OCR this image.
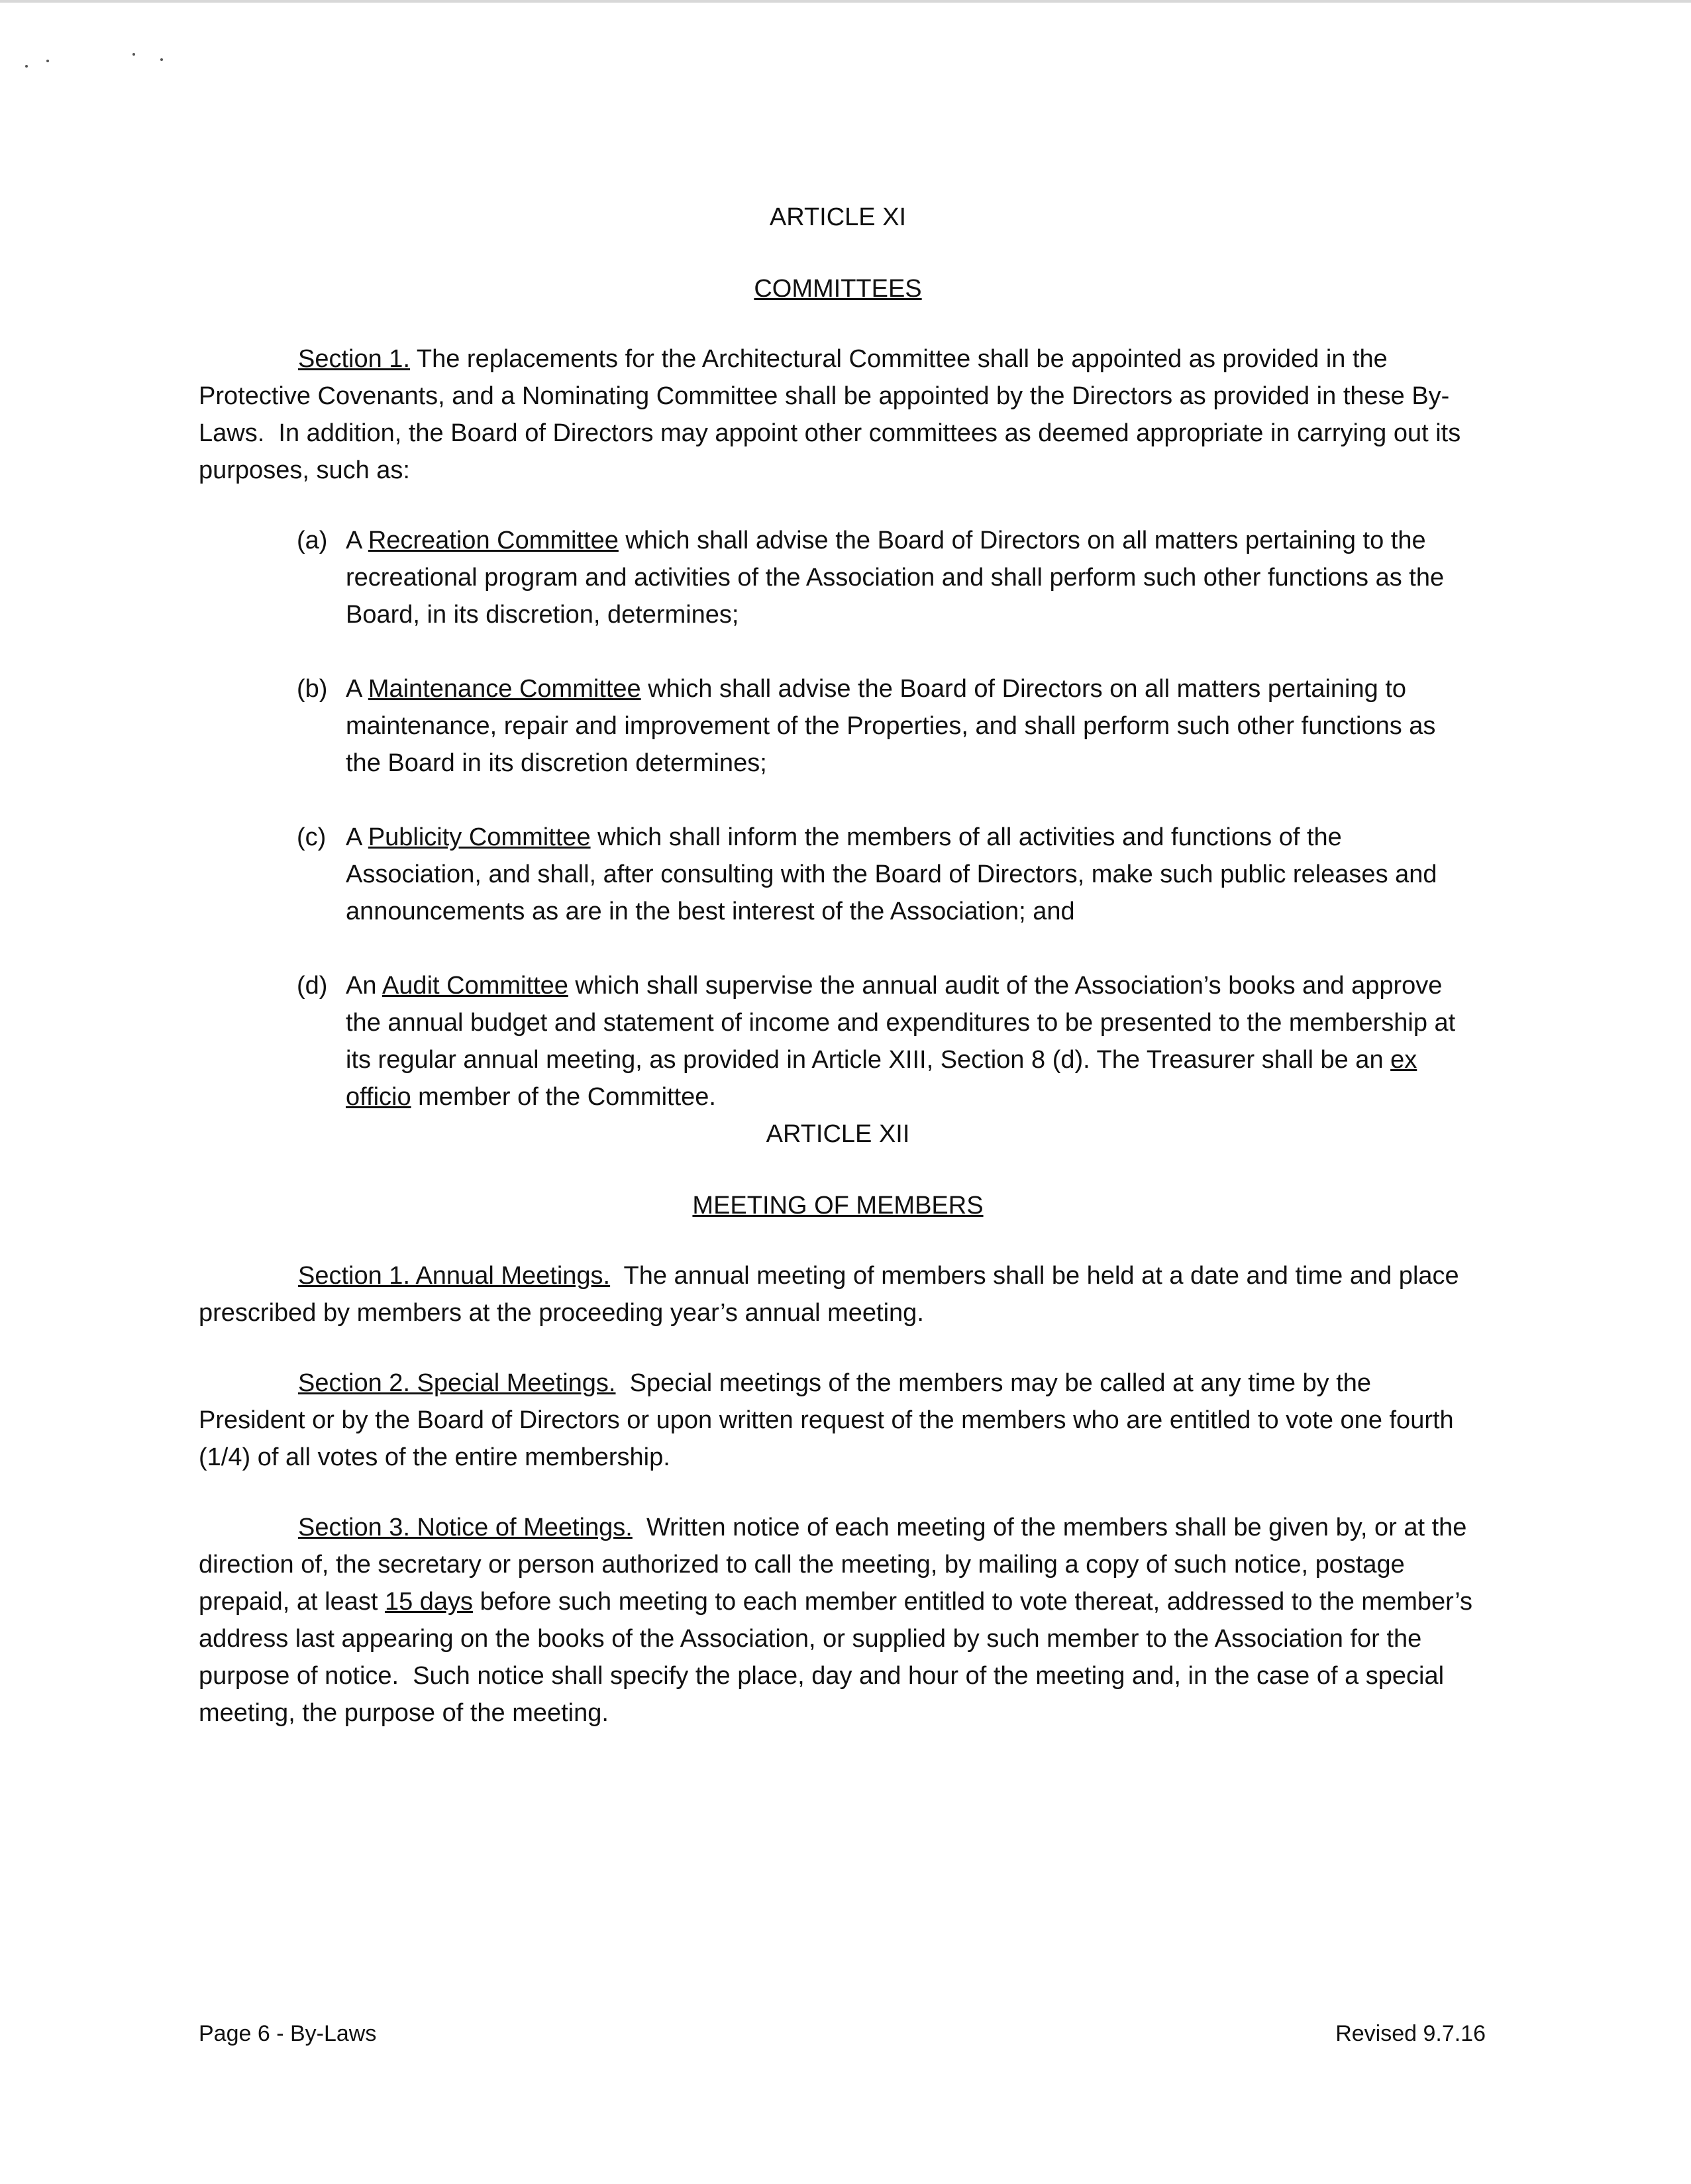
ARTICLE XI
COMMITTEES

Section 1. The replacements for the Architectural Committee shall be appointed as provided in the Protective Covenants, and a Nominating Committee shall be appointed by the Directors as provided in these By-Laws.  In addition, the Board of Directors may appoint other committees as deemed appropriate in carrying out its purposes, such as:

(a) A Recreation Committee which shall advise the Board of Directors on all matters pertaining to the recreational program and activities of the Association and shall perform such other functions as the Board, in its discretion, determines;
(b) A Maintenance Committee which shall advise the Board of Directors on all matters pertaining to maintenance, repair and improvement of the Properties, and shall perform such other functions as the Board in its discretion determines;
(c) A Publicity Committee which shall inform the members of all activities and functions of the Association, and shall, after consulting with the Board of Directors, make such public releases and announcements as are in the best interest of the Association; and
(d) An Audit Committee which shall supervise the annual audit of the Association’s books and approve the annual budget and statement of income and expenditures to be presented to the membership at its regular annual meeting, as provided in Article XIII, Section 8 (d). The Treasurer shall be an ex officio member of the Committee.
ARTICLE XII
MEETING OF MEMBERS

Section 1. Annual Meetings.  The annual meeting of members shall be held at a date and time and place prescribed by members at the proceeding year’s annual meeting.

Section 2. Special Meetings.  Special meetings of the members may be called at any time by the President or by the Board of Directors or upon written request of the members who are entitled to vote one fourth (1/4) of all votes of the entire membership.

Section 3. Notice of Meetings.  Written notice of each meeting of the members shall be given by, or at the direction of, the secretary or person authorized to call the meeting, by mailing a copy of such notice, postage prepaid, at least 15 days before such meeting to each member entitled to vote thereat, addressed to the member’s address last appearing on the books of the Association, or supplied by such member to the Association for the purpose of notice.  Such notice shall specify the place, day and hour of the meeting and, in the case of a special meeting, the purpose of the meeting.

Page 6 - By-Laws	Revised 9.7.16
